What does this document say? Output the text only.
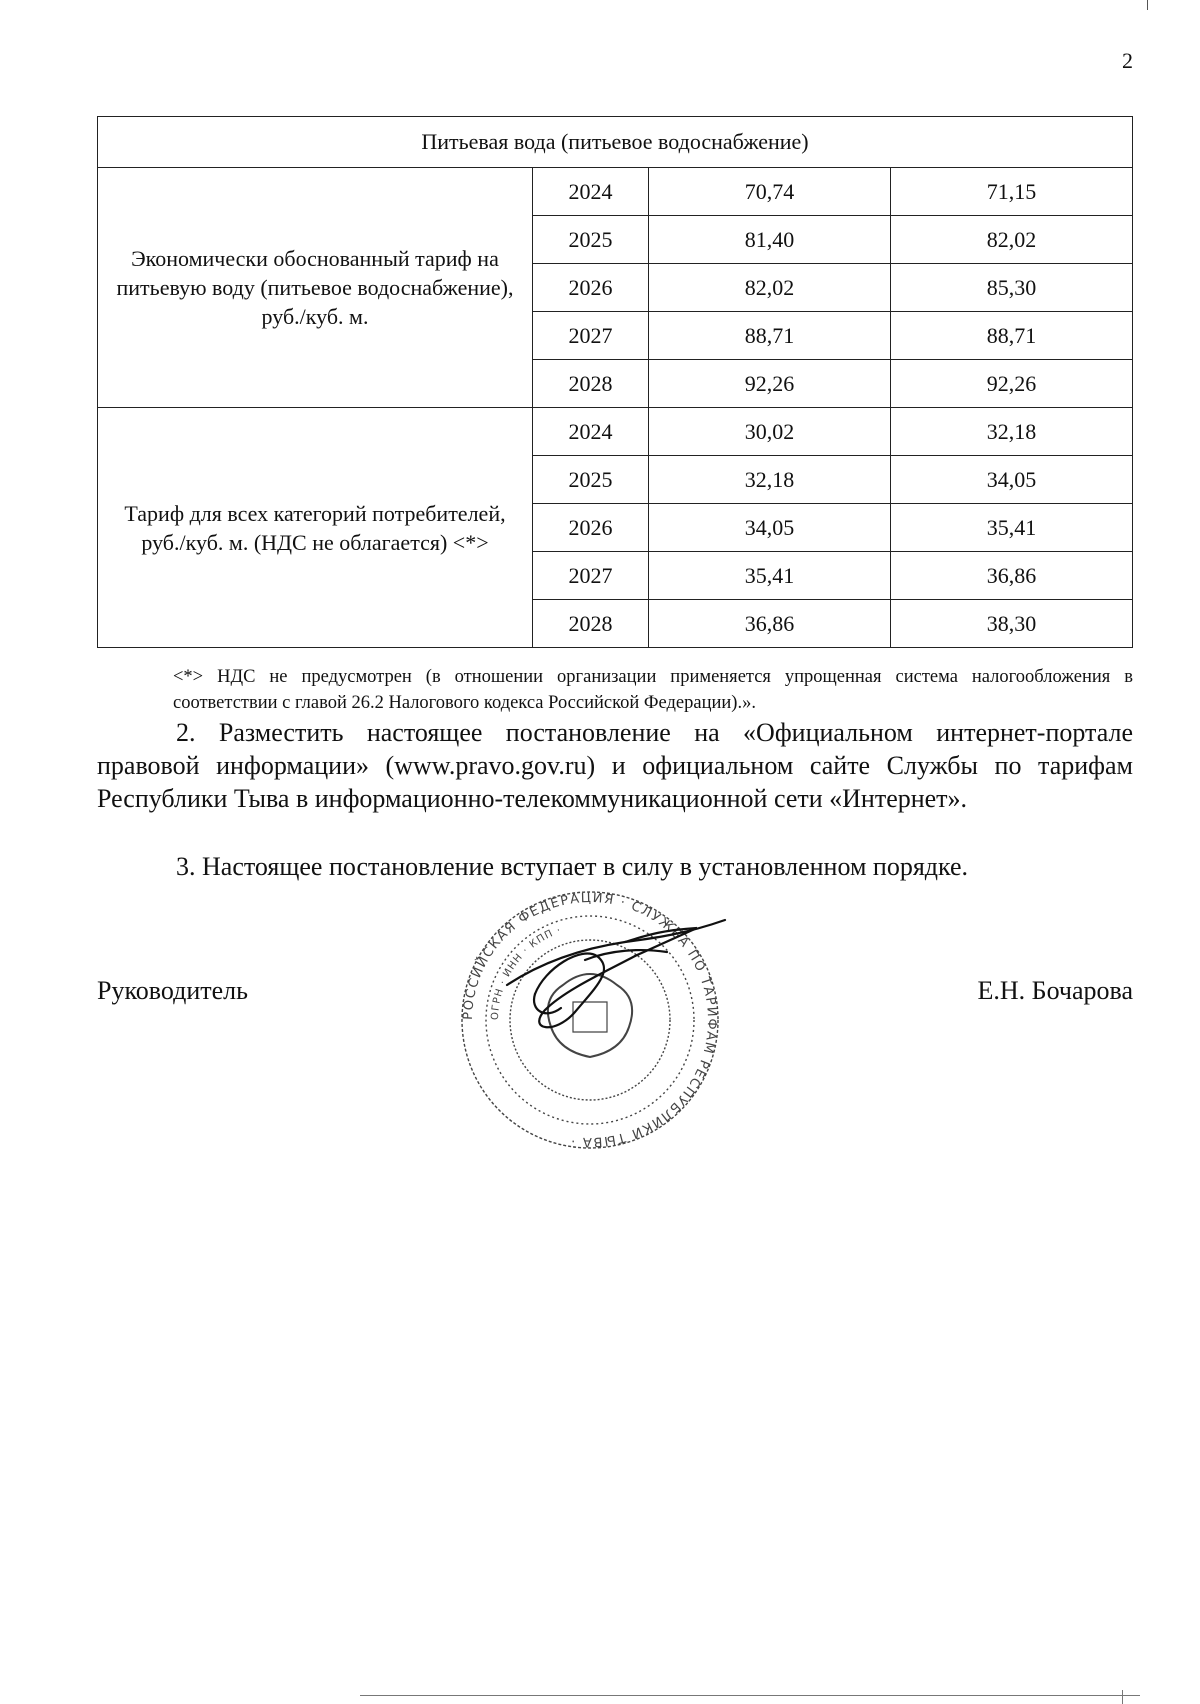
2
Питьевая вода (питьевое водоснабжение)			
Экономически обоснованный тариф на питьевую воду (питьевое водоснабжение), руб./куб. м.	2024	70,74	71,15
	2025	81,40	82,02
	2026	82,02	85,30
	2027	88,71	88,71
	2028	92,26	92,26
Тариф для всех категорий потребителей, руб./куб. м. (НДС не облагается) <*>	2024	30,02	32,18
	2025	32,18	34,05
	2026	34,05	35,41
	2027	35,41	36,86
	2028	36,86	38,30
<*> НДС не предусмотрен (в отношении организации применяется упрощенная система налогообложения в соответствии с главой 26.2 Налогового кодекса Российской Федерации).».
2. Разместить настоящее постановление на «Официальном интернет-портале правовой информации» (www.pravo.gov.ru) и официальном сайте Службы по тарифам Республики Тыва в информационно-телекоммуникационной сети «Интернет».
3. Настоящее постановление вступает в силу в установленном порядке.
Руководитель	Е.Н. Бочарова
РОССИЙСКАЯ ФЕДЕРАЦИЯ · СЛУЖБА ПО ТАРИФАМ РЕСПУБЛИКИ ТЫВА ·
ОГРН · ИНН · КПП ·
